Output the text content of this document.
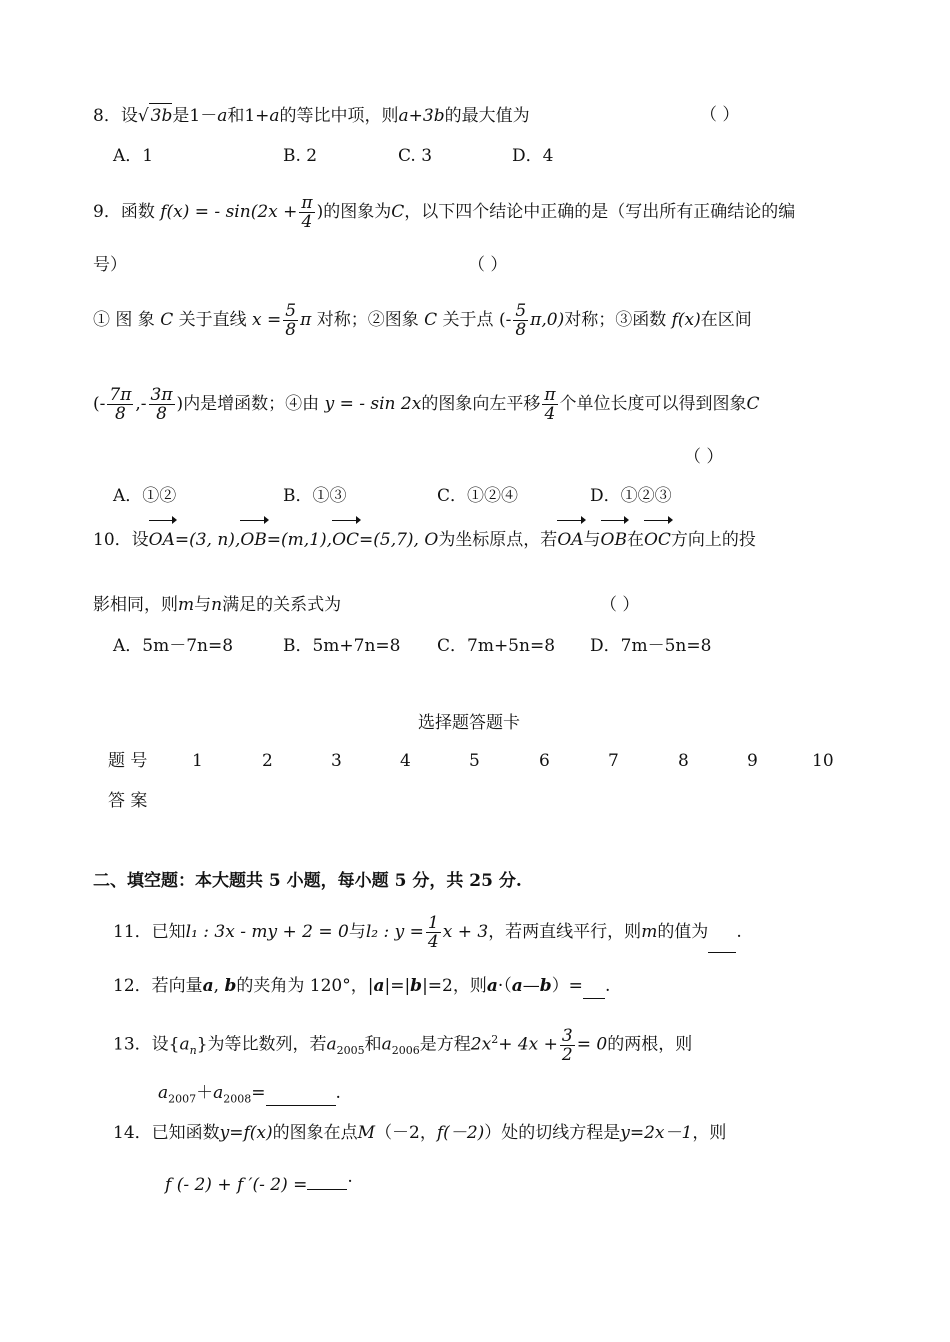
8．设√ 3b是1－a和1+a的等比中项，则a+3b的最大值为	（ ）
A．1	B. 2	C. 3	D．4
9．函数 f(x) = - $\sin(2x + \frac{\pi}{4}$ )的图象为C，以下四个结论中正确的是（写出所有正确结论的编
号）	（ ）
① 图 象 C 关于直线 $x = \frac{5}{8}$ π 对称；②图象 C 关于点 (- $\frac{5}{8} \pi,0$)对称；③函数 f(x)在区间
(- $\frac{7\pi}{8}$ ,- $\frac{3\pi}{8}$ )内是增函数；④由 y = - sin 2x的图象向左平移 $\frac{\pi}{4}$ 个单位长度可以得到图象C
（ ）
A．①②	B．①③	C．①②④	D．①②③
10．设OA=(3, n),OB=(m,1),OC=(5,7), O为坐标原点，若OA与OB在OC方向上的投
影相同，则m与n满足的关系式为	（ ）
A．5m－7n=8	B．5m+7n=8 C．7m+5n=8 D．7m－5n=8
选择题答题卡
题 号	1	2	3	4	5	6	7	8	9	10
答 案
二、填空题：本大题共 5 小题，每小题 5 分，共 25 分.
11．已知l₁ : 3x - my + 2 = 0与l₂ : $y = \frac{1}{4}$ x + 3，若两直线平行，则m的值为 .
12．若向量a, b的夹角为 120°，|a|=|b|=2，则a·（a—b）= .
13．设$\{a_n\}$为等比数列，若$a_{2005}$和$a_{2006}$是方程$2x^2+ 4x + \frac{3}{2} = 0$的两根，则
$a_{2007}+a_{2008}=$	.
14．已知函数y=f(x)的图象在点M（－2，f(－2)）处的切线方程是y=2x－1，则
f (- 2) + f ′(- 2) = .
